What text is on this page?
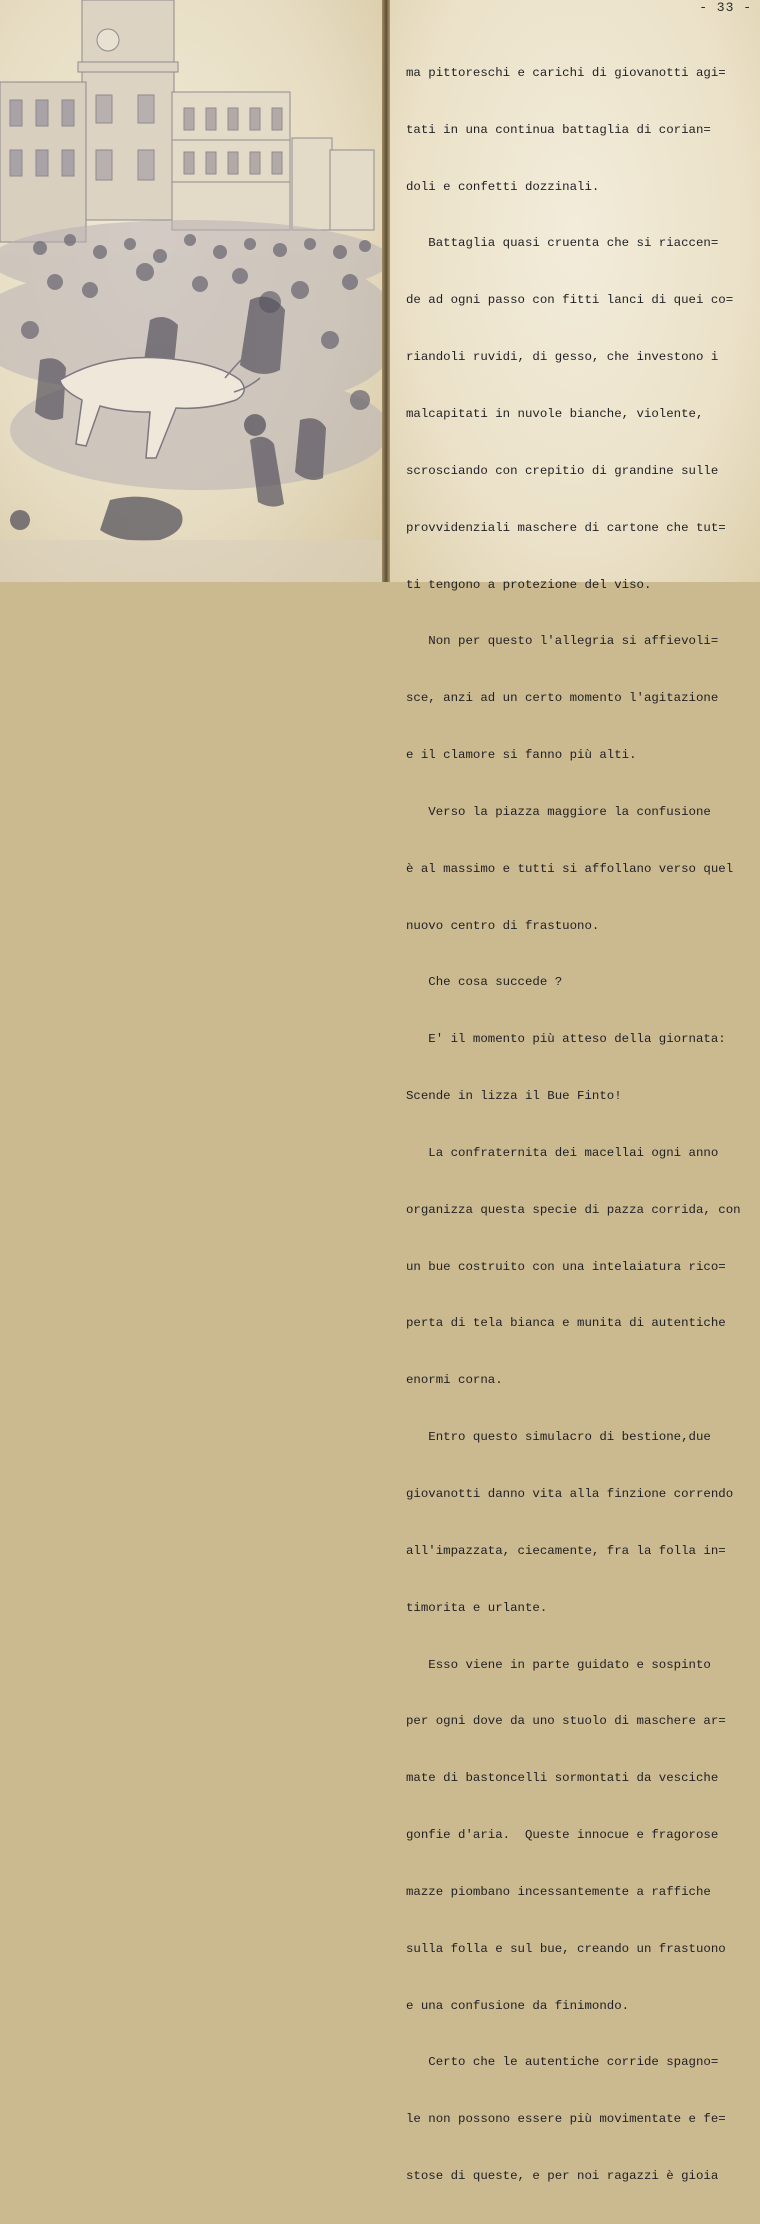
- 33 -

ma pittoreschi e carichi di giovanotti agi=

tati in una continua battaglia di corian=

doli e confetti dozzinali.

Battaglia quasi cruenta che si riaccen=

de ad ogni passo con fitti lanci di quei co=

riandoli ruvidi, di gesso, che investono i

malcapitati in nuvole bianche, violente,

scrosciando con crepitio di grandine sulle

provvidenziali maschere di cartone che tut=

ti tengono a protezione del viso.

Non per questo l'allegria si affievoli=

sce, anzi ad un certo momento l'agitazione

e il clamore si fanno più alti.

Verso la piazza maggiore la confusione

è al massimo e tutti si affollano verso quel

nuovo centro di frastuono.

Che cosa succede ?

E' il momento più atteso della giornata:

Scende in lizza il Bue Finto!

La confraternita dei macellai ogni anno

organizza questa specie di pazza corrida, con

un bue costruito con una intelaiatura rico=

perta di tela bianca e munita di autentiche

enormi corna.

Entro questo simulacro di bestione,due

giovanotti danno vita alla finzione correndo

all'impazzata, ciecamente, fra la folla in=

timorita e urlante.

Esso viene in parte guidato e sospinto

per ogni dove da uno stuolo di maschere ar=

mate di bastoncelli sormontati da vesciche

gonfie d'aria.  Queste innocue e fragorose

mazze piombano incessantemente a raffiche

sulla folla e sul bue, creando un frastuono

e una confusione da finimondo.

Certo che le autentiche corride spagno=

le non possono essere più movimentate e fe=

stose di queste, e per noi ragazzi è gioia
